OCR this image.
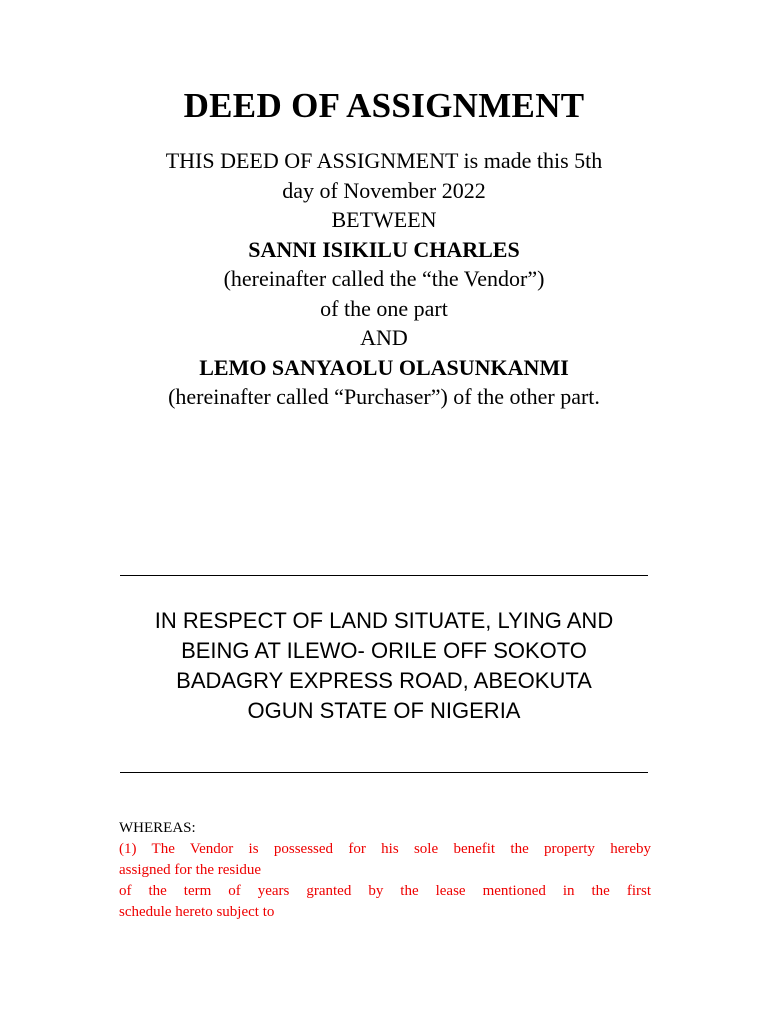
DEED OF ASSIGNMENT
THIS DEED OF ASSIGNMENT is made this 5th
day of November 2022
BETWEEN
SANNI ISIKILU CHARLES
(hereinafter called the “the Vendor”)
of the one part
AND
LEMO SANYAOLU OLASUNKANMI
(hereinafter called “Purchaser”) of the other part.
IN RESPECT OF LAND SITUATE, LYING AND
BEING AT ILEWO- ORILE OFF SOKOTO
BADAGRY EXPRESS ROAD, ABEOKUTA
OGUN STATE OF NIGERIA
WHEREAS:
(1) The Vendor is possessed for his sole benefit the property hereby
assigned for the residue
of the term of years granted by the lease mentioned in the first
schedule hereto subject to
